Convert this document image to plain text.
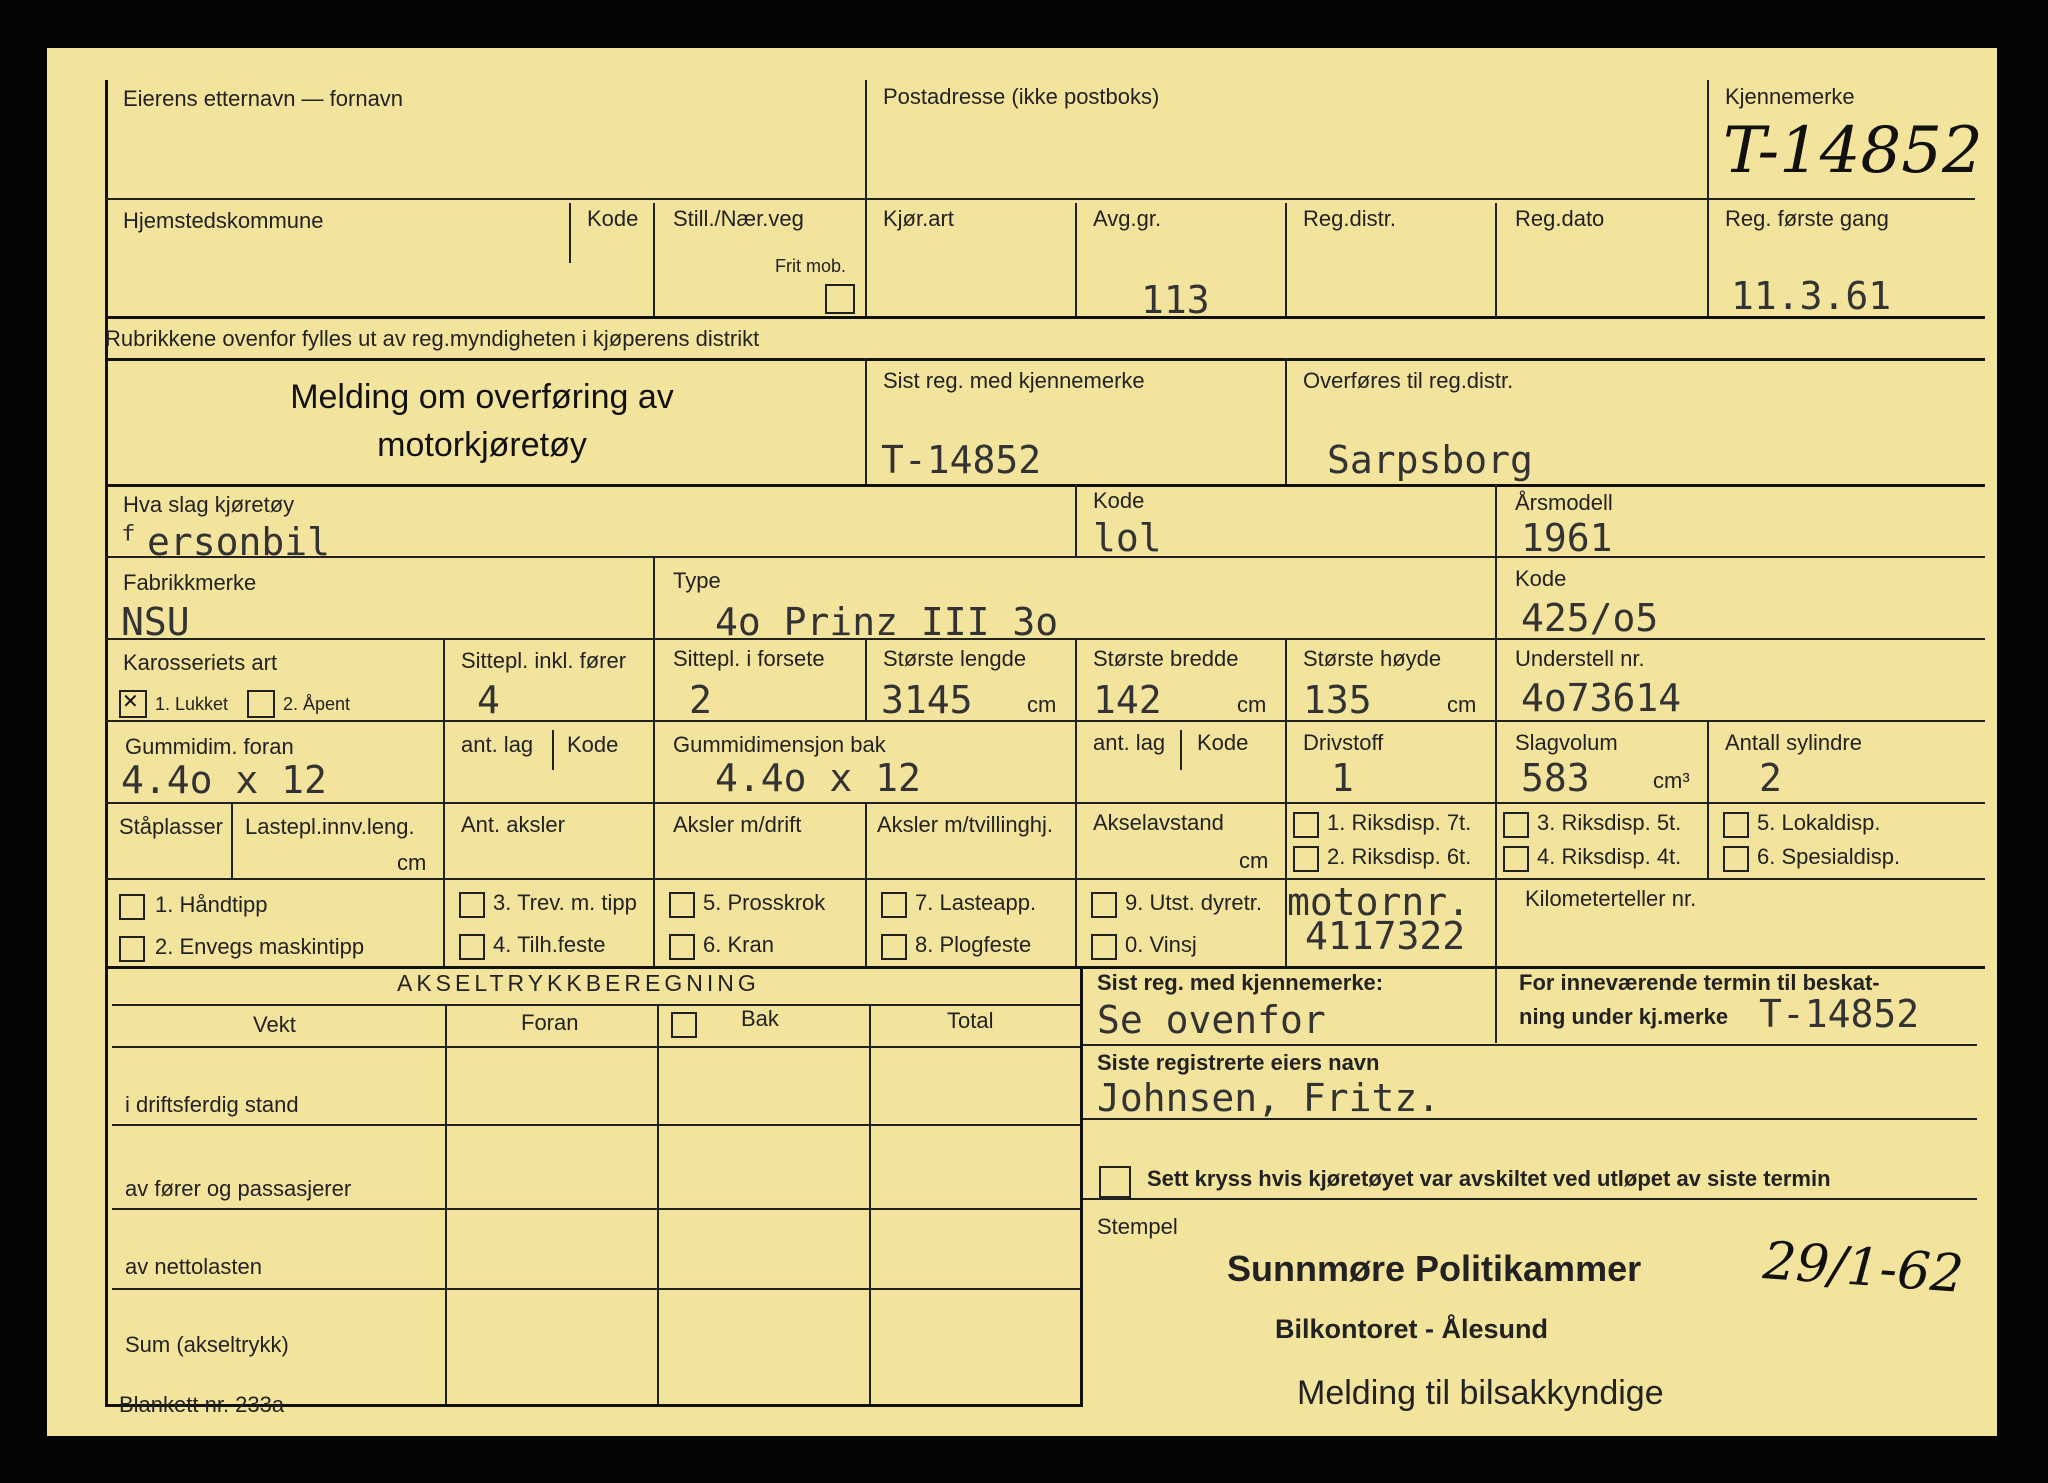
Eierens etternavn — fornavn	Postadresse (ikke postboks)	Kjennemerke
T-14852
Hjemstedskommune	Kode Still./Nær.veg
Frit mob.
Kjør.art	Avg.gr.
113
Reg.distr.	Reg.dato	Reg. første gang
11.3.61
Rubrikkene ovenfor fylles ut av reg.myndigheten i kjøperens distrikt
Melding om overføring av
motorkjøretøy
Sist reg. med kjennemerke
T-14852
Overføres til reg.distr.
Sarpsborg
Hva slag kjøretøy
ᶠ ersonbil
Kode
lol
Årsmodell
1961
Fabrikkmerke
NSU
Type
4o Prinz III 3o
Kode
425/o5
Karosseriets art
✕
1. Lukket	2. Åpent
Sittepl. inkl. fører
4
Sittepl. i forsete
2
Største lengde
3145 cm
Største bredde
142	cm
Største høyde
135	cm
Understell nr.
4o73614
Gummidim. foran
4.4o x 12
ant. lag Kode Gummidimensjon bak
4.4o x 12
ant. lag Kode Drivstoff
1
Slagvolum
583	cm³
Antall sylindre
2
Ståplasser Lastepl.innv.leng.
cm
Ant. aksler	Aksler m/drift	Aksler m/tvillinghj. Akselavstand
cm
1. Riksdisp. 7t.
2. Riksdisp. 6t.
3. Riksdisp. 5t.
4. Riksdisp. 4t.
5. Lokaldisp.
6. Spesialdisp.
1. Håndtipp
2. Envegs maskintipp
3. Trev. m. tipp
4. Tilh.feste
5. Prosskrok
6. Kran
7. Lasteapp.
8. Plogfeste
9. Utst. dyretr.
0. Vinsj
motornr.
4117322
Kilometerteller nr.
AKSELTRYKKBEREGNING
Vekt	Foran	Bak	Total
i driftsferdig stand
av fører og passasjerer
av nettolasten
Sum (akseltrykk)
Sist reg. med kjennemerke:
Se ovenfor
For inneværende termin til beskat-
ning under kj.merke T-14852
Siste registrerte eiers navn
Johnsen, Fritz.
Sett kryss hvis kjøretøyet var avskiltet ved utløpet av siste termin
Stempel
Sunnmøre Politikammer
Bilkontoret - Ålesund
29/1-62
Melding til bilsakkyndige
Blankett nr. 233a
